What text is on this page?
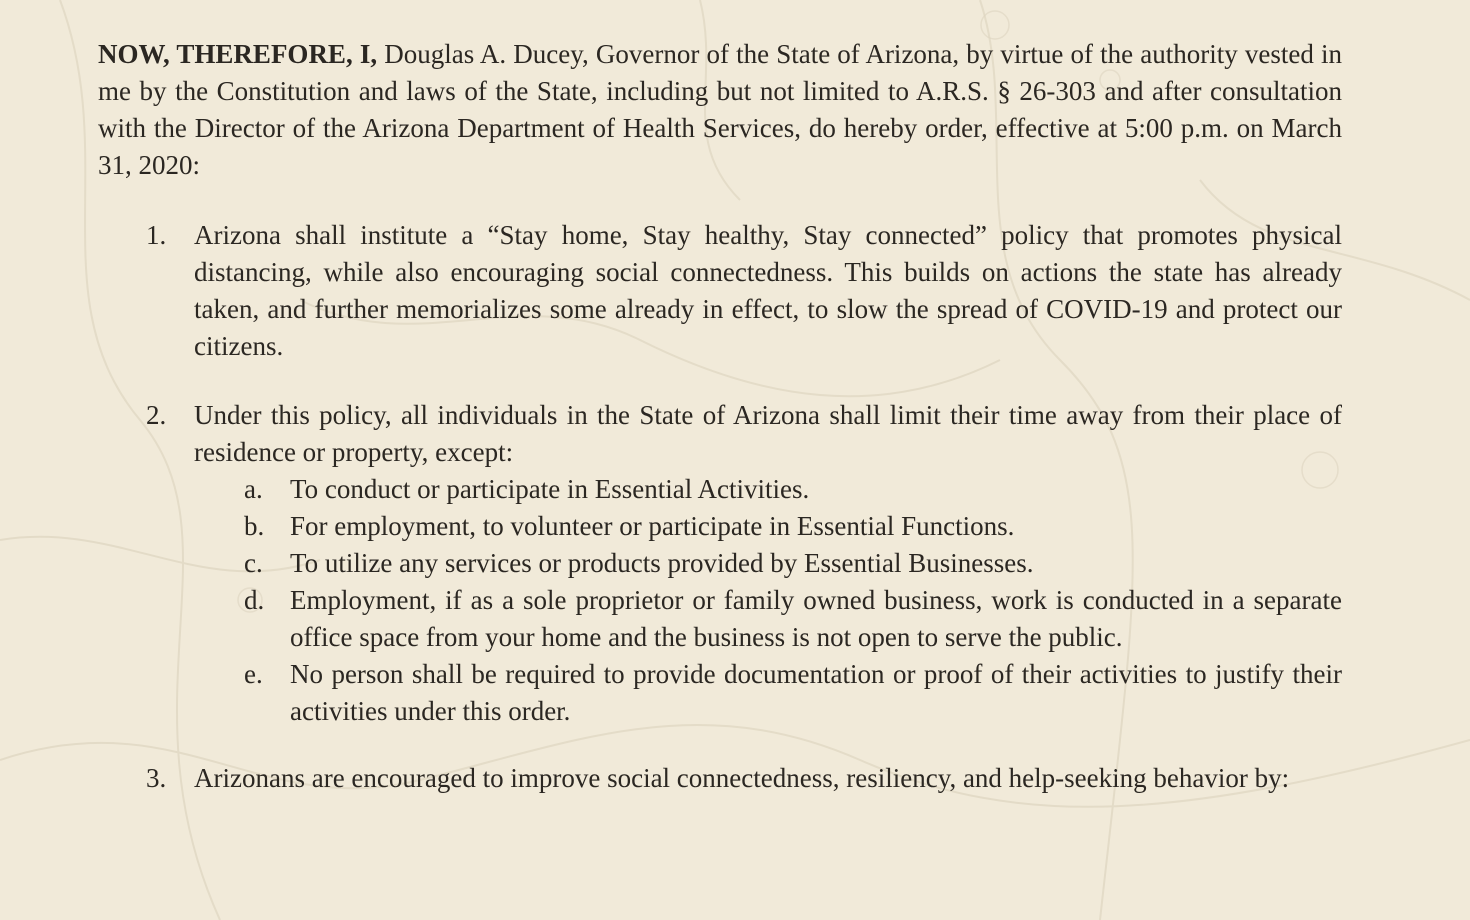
NOW, THEREFORE, I, Douglas A. Ducey, Governor of the State of Arizona, by virtue of the authority vested in me by the Constitution and laws of the State, including but not limited to A.R.S. § 26-303 and after consultation with the Director of the Arizona Department of Health Services, do hereby order, effective at 5:00 p.m. on March 31, 2020:

1. Arizona shall institute a “Stay home, Stay healthy, Stay connected” policy that promotes physical distancing, while also encouraging social connectedness. This builds on actions the state has already taken, and further memorializes some already in effect, to slow the spread of COVID-19 and protect our citizens.

2. Under this policy, all individuals in the State of Arizona shall limit their time away from their place of residence or property, except:

a. To conduct or participate in Essential Activities.
b. For employment, to volunteer or participate in Essential Functions.
c. To utilize any services or products provided by Essential Businesses.
d. Employment, if as a sole proprietor or family owned business, work is conducted in a separate office space from your home and the business is not open to serve the public.
e. No person shall be required to provide documentation or proof of their activities to justify their activities under this order.
3. Arizonans are encouraged to improve social connectedness, resiliency, and help-seeking behavior by:
